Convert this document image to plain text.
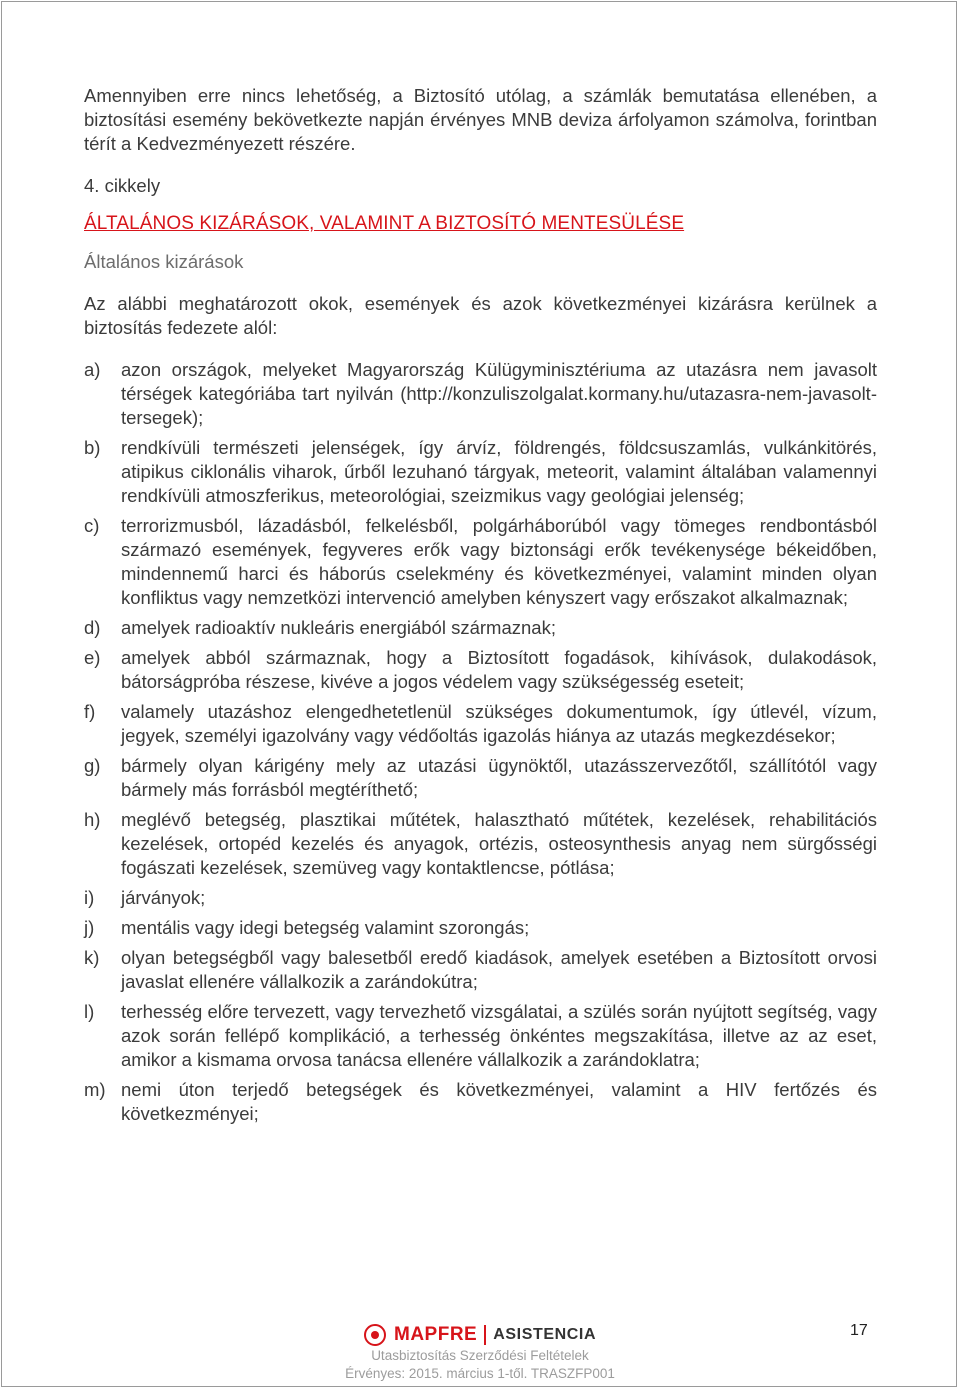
Amennyiben erre nincs lehetőség, a Biztosító utólag, a számlák bemutatása ellenében, a biztosítási esemény bekövetkezte napján érvényes MNB deviza árfolyamon számolva, forintban térít a Kedvezményezett részére.

4. cikkely

ÁLTALÁNOS KIZÁRÁSOK, VALAMINT A BIZTOSÍTÓ MENTESÜLÉSE

Általános kizárások

Az alábbi meghatározott okok, események és azok következményei kizárásra kerülnek a biztosítás fedezete alól:

a) azon országok, melyeket Magyarország Külügyminisztériuma az utazásra nem javasolt térségek kategóriába tart nyilván (http://konzuliszolgalat.kormany.hu/utazasra-nem-javasolt-tersegek);
b) rendkívüli természeti jelenségek, így árvíz, földrengés, földcsuszamlás, vulkánkitörés, atipikus ciklonális viharok, űrből lezuhanó tárgyak, meteorit, valamint általában valamennyi rendkívüli atmoszferikus, meteorológiai, szeizmikus vagy geológiai jelenség;
c) terrorizmusból, lázadásból, felkelésből, polgárháborúból vagy tömeges rendbontásból származó események, fegyveres erők vagy biztonsági erők tevékenysége békeidőben, mindennemű harci és háborús cselekmény és következményei, valamint minden olyan konfliktus vagy nemzetközi intervenció amelyben kényszert vagy erőszakot alkalmaznak;
d) amelyek radioaktív nukleáris energiából származnak;
e) amelyek abból származnak, hogy a Biztosított fogadások, kihívások, dulakodások, bátorságpróba részese, kivéve a jogos védelem vagy szükségesség eseteit;
f) valamely utazáshoz elengedhetetlenül szükséges dokumentumok, így útlevél, vízum, jegyek, személyi igazolvány vagy védőoltás igazolás hiánya az utazás megkezdésekor;
g) bármely olyan kárigény mely az utazási ügynöktől, utazásszervezőtől, szállítótól vagy bármely más forrásból megtéríthető;
h) meglévő betegség, plasztikai műtétek, halasztható műtétek, kezelések, rehabilitációs kezelések, ortopéd kezelés és anyagok, ortézis, osteosynthesis anyag nem sürgősségi fogászati kezelések, szemüveg vagy kontaktlencse, pótlása;
i) járványok;
j) mentális vagy idegi betegség valamint szorongás;
k) olyan betegségből vagy balesetből eredő kiadások, amelyek esetében a Biztosított orvosi javaslat ellenére vállalkozik a zarándokútra;
l) terhesség előre tervezett, vagy tervezhető vizsgálatai, a szülés során nyújtott segítség, vagy azok során fellépő komplikáció, a terhesség önkéntes megszakítása, illetve az az eset, amikor a kismama orvosa tanácsa ellenére vállalkozik a zarándoklatra;
m) nemi úton terjedő betegségek és következményei, valamint a HIV fertőzés és következményei;
MAPFRE ASISTENCIA	17
Utasbiztosítás Szerződési Feltételek
Érvényes: 2015. március 1-től. TRASZFP001
